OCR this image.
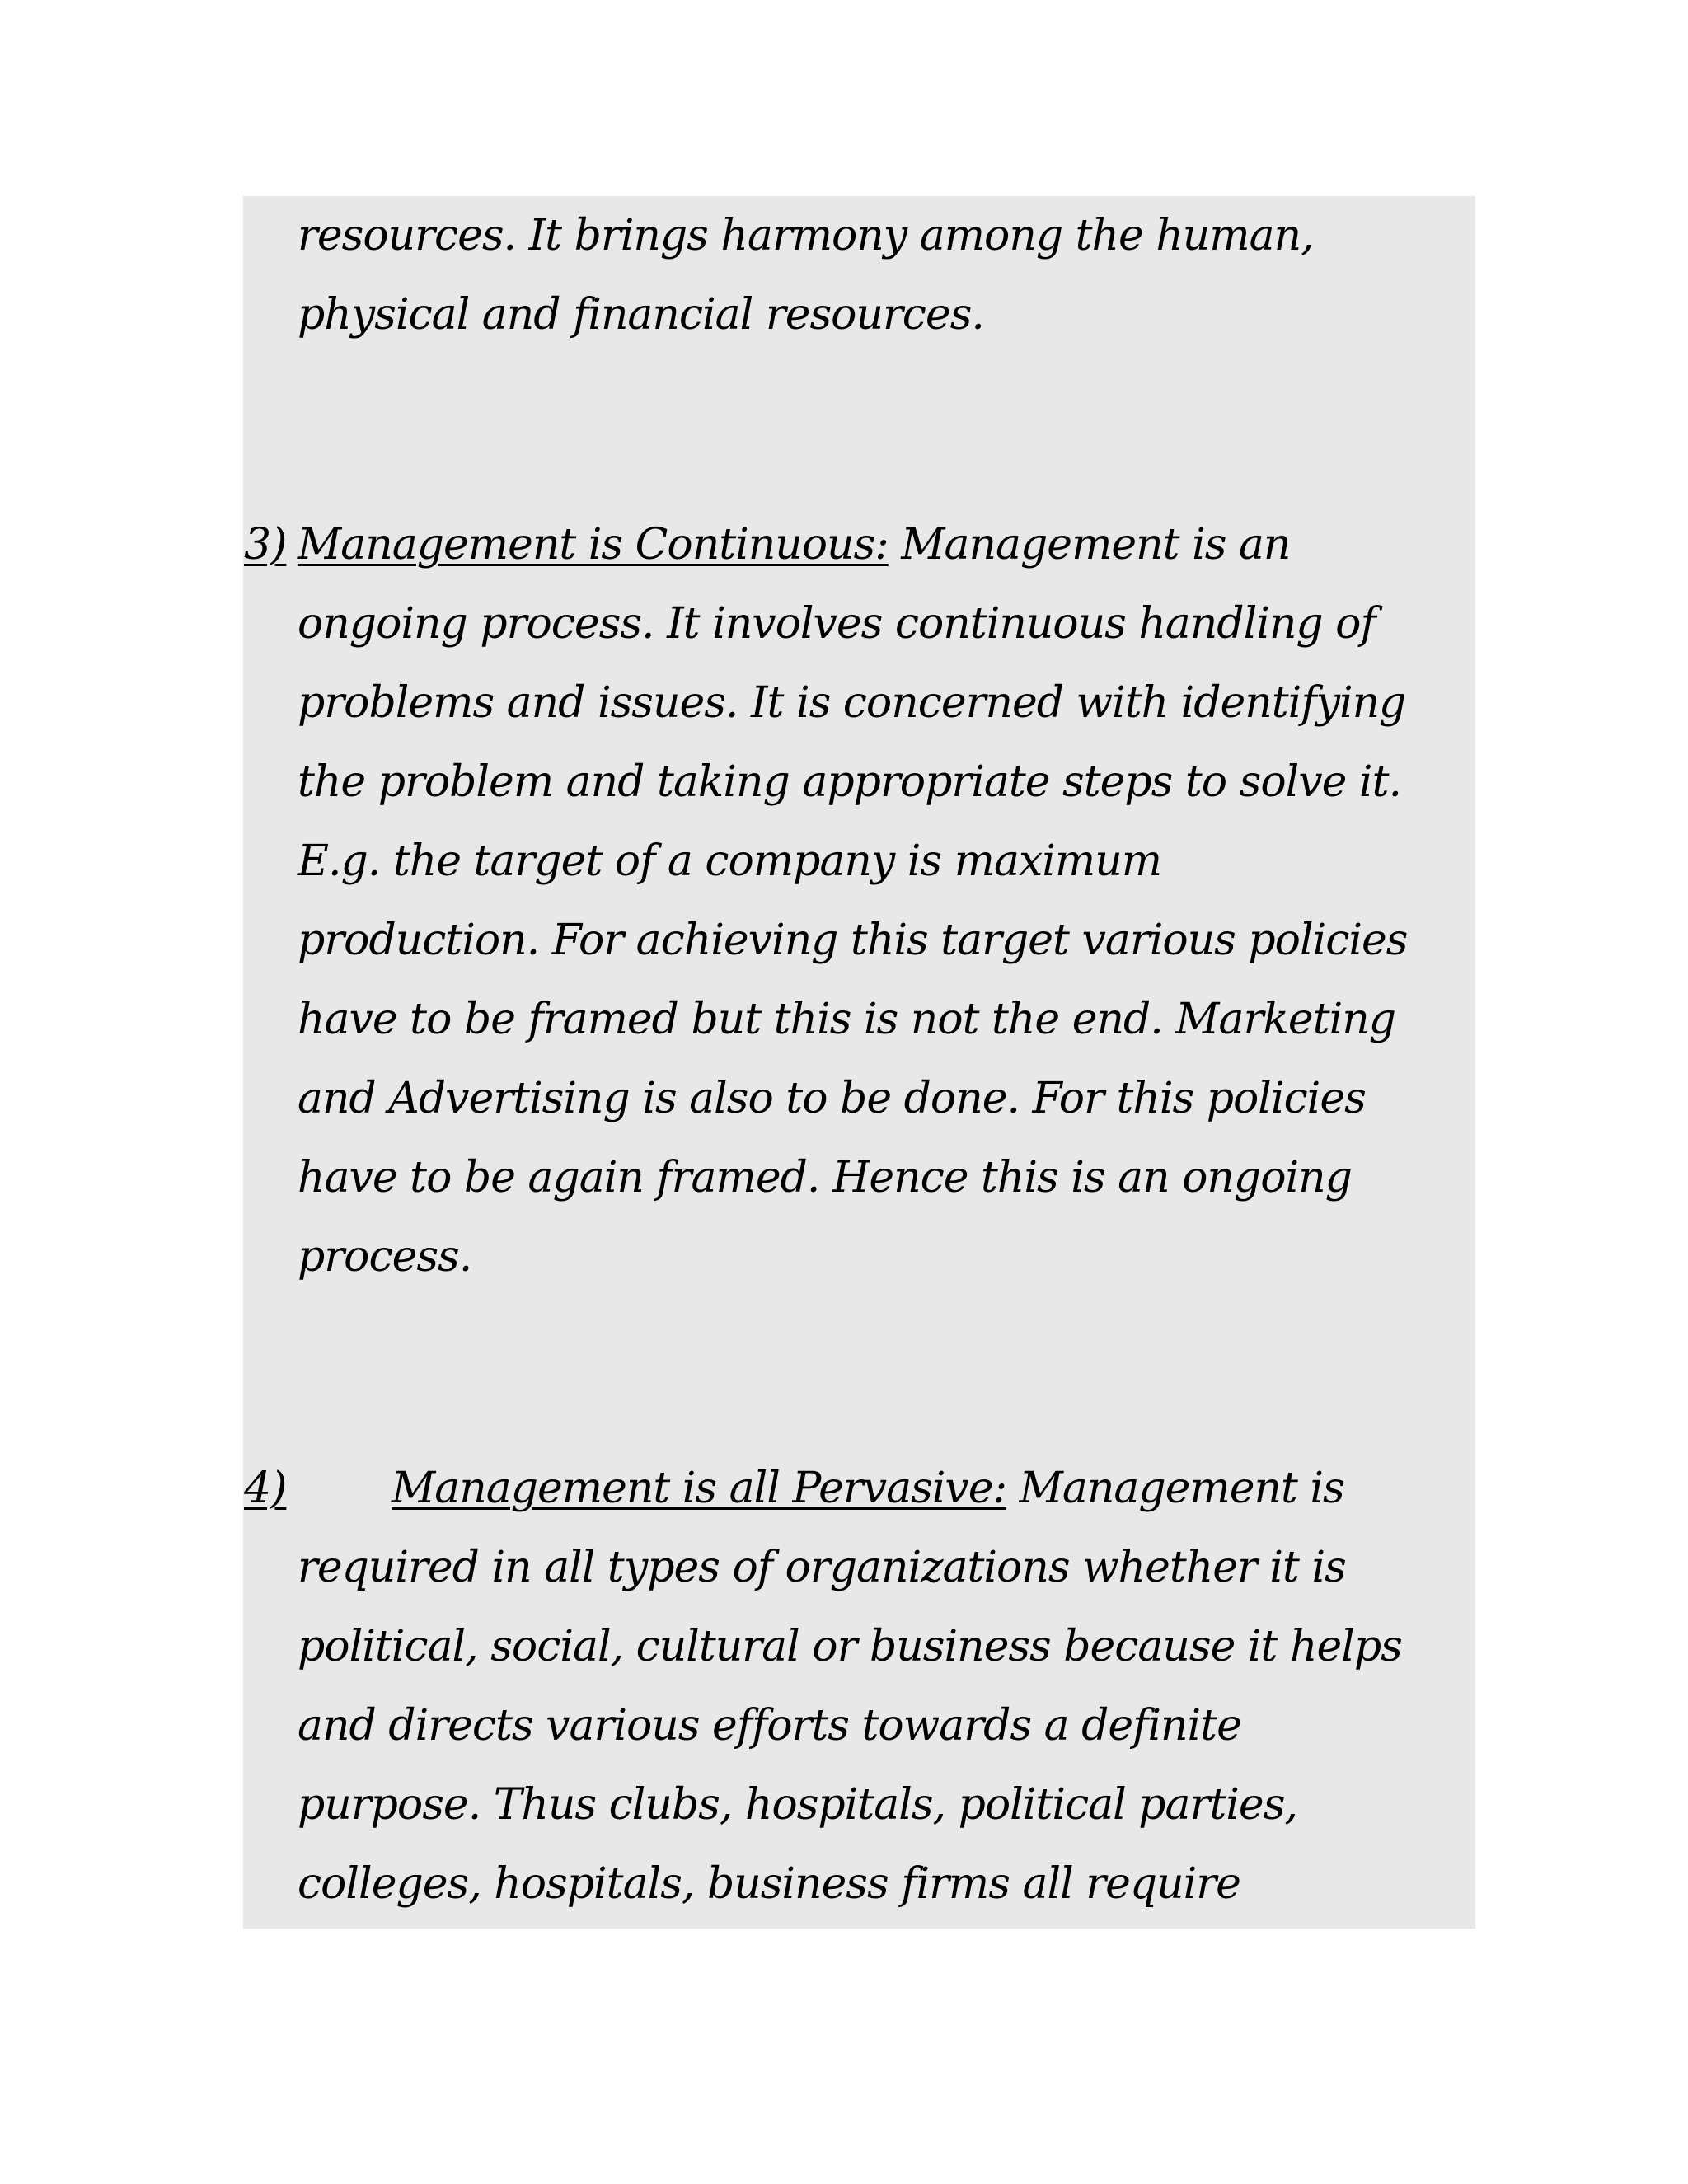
resources. It brings harmony among the human,
physical and financial resources.
3) Management is Continuous: Management is an
ongoing process. It involves continuous handling of
problems and issues. It is concerned with identifying
the problem and taking appropriate steps to solve it.
E.g. the target of a company is maximum
production. For achieving this target various policies
have to be framed but this is not the end. Marketing
and Advertising is also to be done. For this policies
have to be again framed. Hence this is an ongoing
process.
4) Management is all Pervasive: Management is
required in all types of organizations whether it is
political, social, cultural or business because it helps
and directs various efforts towards a definite
purpose. Thus clubs, hospitals, political parties,
colleges, hospitals, business firms all require
